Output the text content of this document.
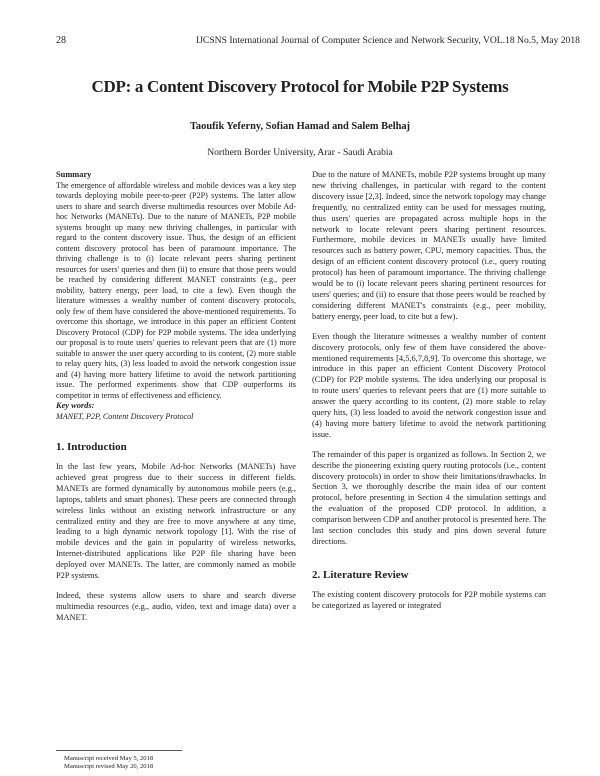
28	IJCSNS International Journal of Computer Science and Network Security, VOL.18 No.5, May 2018
CDP: a Content Discovery Protocol for Mobile P2P Systems
Taoufik Yeferny, Sofian Hamad and Salem Belhaj
Northern Border University, Arar - Saudi Arabia
Summary

The emergence of affordable wireless and mobile devices was a key step towards deploying mobile peer-to-peer (P2P) systems. The latter allow users to share and search diverse multimedia resources over Mobile Ad-hoc Networks (MANETs). Due to the nature of MANETs, P2P mobile systems brought up many new thriving challenges, in particular with regard to the content discovery issue. Thus, the design of an efficient content discovery protocol has been of paramount importance. The thriving challenge is to (i) locate relevant peers sharing pertinent resources for users' queries and then (ii) to ensure that those peers would be reached by considering different MANET constraints (e.g., peer mobility, battery energy, peer load, to cite a few). Even though the literature witnesses a wealthy number of content discovery protocols, only few of them have considered the above-mentioned requirements. To overcome this shortage, we introduce in this paper an efficient Content Discovery Protocol (CDP) for P2P mobile systems. The idea underlying our proposal is to route users' queries to relevant peers that are (1) more suitable to answer the user query according to its content, (2) more stable to relay query hits, (3) less loaded to avoid the network congestion issue and (4) having more battery lifetime to avoid the network partitioning issue. The performed experiments show that CDP outperforms its competitor in terms of effectiveness and efficiency.

Key words:

MANET, P2P, Content Discovery Protocol

1. Introduction

In the last few years, Mobile Ad-hoc Networks (MANETs) have achieved great progress due to their success in different fields. MANETs are formed dynamically by autonomous mobile peers (e.g., laptops, tablets and smart phones). These peers are connected through wireless links without an existing network infrastructure or any centralized entity and they are free to move anywhere at any time, leading to a high dynamic network topology [1]. With the rise of mobile devices and the gain in popularity of wireless networks, Internet-distributed applications like P2P file sharing have been deployed over MANETs. The latter, are commonly named as mobile P2P systems.

Indeed, these systems allow users to share and search diverse multimedia resources (e.g., audio, video, text and image data) over a MANET.

Due to the nature of MANETs, mobile P2P systems brought up many new thriving challenges, in particular with regard to the content discovery issue [2,3]. Indeed, since the network topology may change frequently, no centralized entity can be used for messages routing, thus users' queries are propagated across multiple hops in the network to locate relevant peers sharing pertinent resources. Furthermore, mobile devices in MANETs usually have limited resources such as battery power, CPU, memory capacities. Thus, the design of an efficient content discovery protocol (i.e., query routing protocol) has been of paramount importance. The thriving challenge would be to (i) locate relevant peers sharing pertinent resources for users' queries; and (ii) to ensure that those peers would be reached by considering different MANET's constraints (e.g., peer mobility, battery energy, peer load, to cite but a few).

Even though the literature witnesses a wealthy number of content discovery protocols, only few of them have considered the above-mentioned requirements [4,5,6,7,8,9]. To overcome this shortage, we introduce in this paper an efficient Content Discovery Protocol (CDP) for P2P mobile systems. The idea underlying our proposal is to route users' queries to relevant peers that are (1) more suitable to answer the query according to its content, (2) more stable to relay query hits, (3) less loaded to avoid the network congestion issue and (4) having more battery lifetime to avoid the network partitioning issue.

The remainder of this paper is organized as follows. In Section 2, we describe the pioneering existing query routing protocols (i.e., content discovery protocols) in order to show their limitations/drawbacks. In Section 3, we thoroughly describe the main idea of our content protocol, before presenting in Section 4 the simulation settings and the evaluation of the proposed CDP protocol. In addition, a comparison between CDP and another protocol is presented here. The last section concludes this study and pins down several future directions.

2. Literature Review

The existing content discovery protocols for P2P mobile systems can be categorized as layered or integrated

Manuscript received May 5, 2018
Manuscript revised May 20, 2018
